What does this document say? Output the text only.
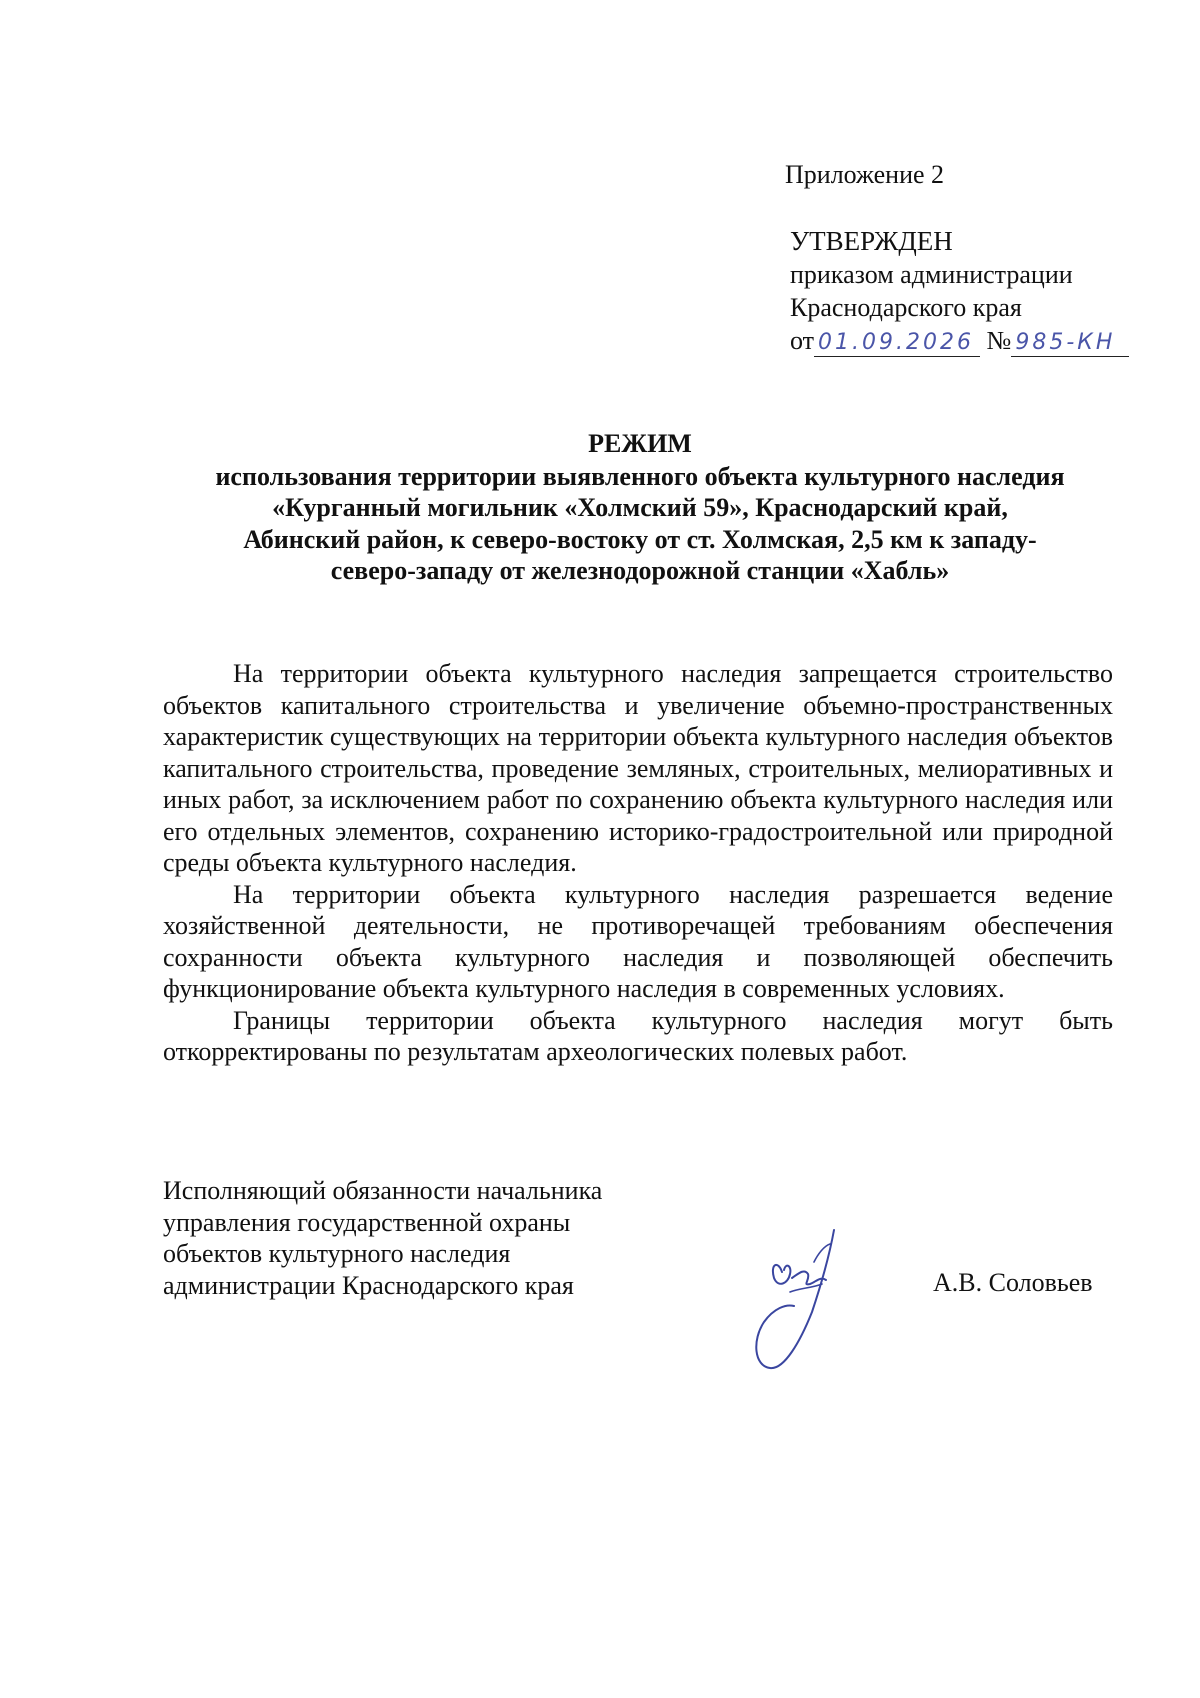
Приложение 2
УТВЕРЖДЕН
приказом администрации
Краснодарского края
от 01.09.2026 № 985-КН
РЕЖИМ
использования территории выявленного объекта культурного наследия
«Курганный могильник «Холмский 59», Краснодарский край,
Абинский район, к северо-востоку от ст. Холмская, 2,5 км к западу-
северо-западу от железнодорожной станции «Хабль»

На территории объекта культурного наследия запрещается строительство объектов капитального строительства и увеличение объемно-пространственных характеристик существующих на территории объекта культурного наследия объектов капитального строительства, проведение земляных, строительных, мелиоративных и иных работ, за исключением работ по сохранению объекта культурного наследия или его отдельных элементов, сохранению историко-градостроительной или природной среды объекта культурного наследия.

На территории объекта культурного наследия разрешается ведение хозяйственной деятельности, не противоречащей требованиям обеспечения сохранности объекта культурного наследия и позволяющей обеспечить функционирование объекта культурного наследия в современных условиях.

Границы территории объекта культурного наследия могут быть откорректированы по результатам археологических полевых работ.

Исполняющий обязанности начальника
управления государственной охраны
объектов культурного наследия
администрации Краснодарского края	А.В. Соловьев
